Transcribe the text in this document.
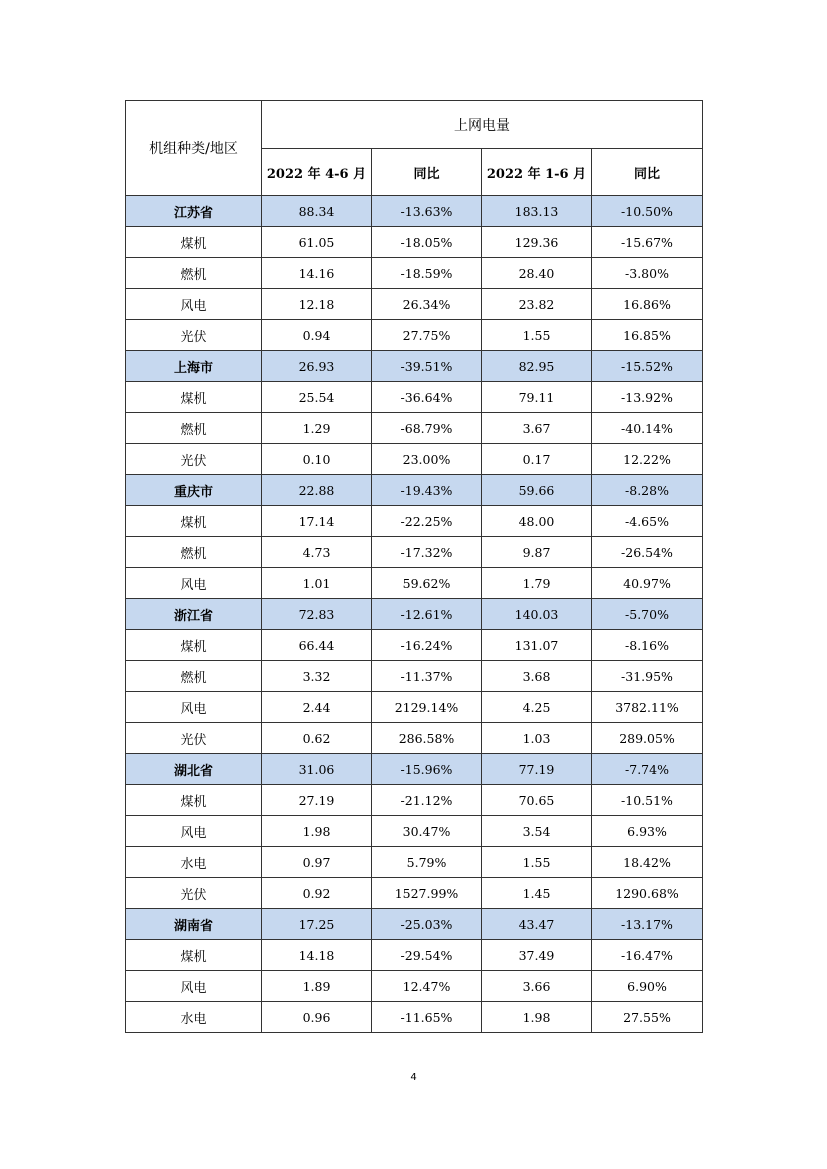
机组种类/地区	上网电量			
	2022 年 4-6 月	同比	2022 年 1-6 月	同比
江苏省	88.34	-13.63%	183.13	-10.50%
煤机	61.05	-18.05%	129.36	-15.67%
燃机	14.16	-18.59%	28.40	-3.80%
风电	12.18	26.34%	23.82	16.86%
光伏	0.94	27.75%	1.55	16.85%
上海市	26.93	-39.51%	82.95	-15.52%
煤机	25.54	-36.64%	79.11	-13.92%
燃机	1.29	-68.79%	3.67	-40.14%
光伏	0.10	23.00%	0.17	12.22%
重庆市	22.88	-19.43%	59.66	-8.28%
煤机	17.14	-22.25%	48.00	-4.65%
燃机	4.73	-17.32%	9.87	-26.54%
风电	1.01	59.62%	1.79	40.97%
浙江省	72.83	-12.61%	140.03	-5.70%
煤机	66.44	-16.24%	131.07	-8.16%
燃机	3.32	-11.37%	3.68	-31.95%
风电	2.44	2129.14%	4.25	3782.11%
光伏	0.62	286.58%	1.03	289.05%
湖北省	31.06	-15.96%	77.19	-7.74%
煤机	27.19	-21.12%	70.65	-10.51%
风电	1.98	30.47%	3.54	6.93%
水电	0.97	5.79%	1.55	18.42%
光伏	0.92	1527.99%	1.45	1290.68%
湖南省	17.25	-25.03%	43.47	-13.17%
煤机	14.18	-29.54%	37.49	-16.47%
风电	1.89	12.47%	3.66	6.90%
水电	0.96	-11.65%	1.98	27.55%
4
